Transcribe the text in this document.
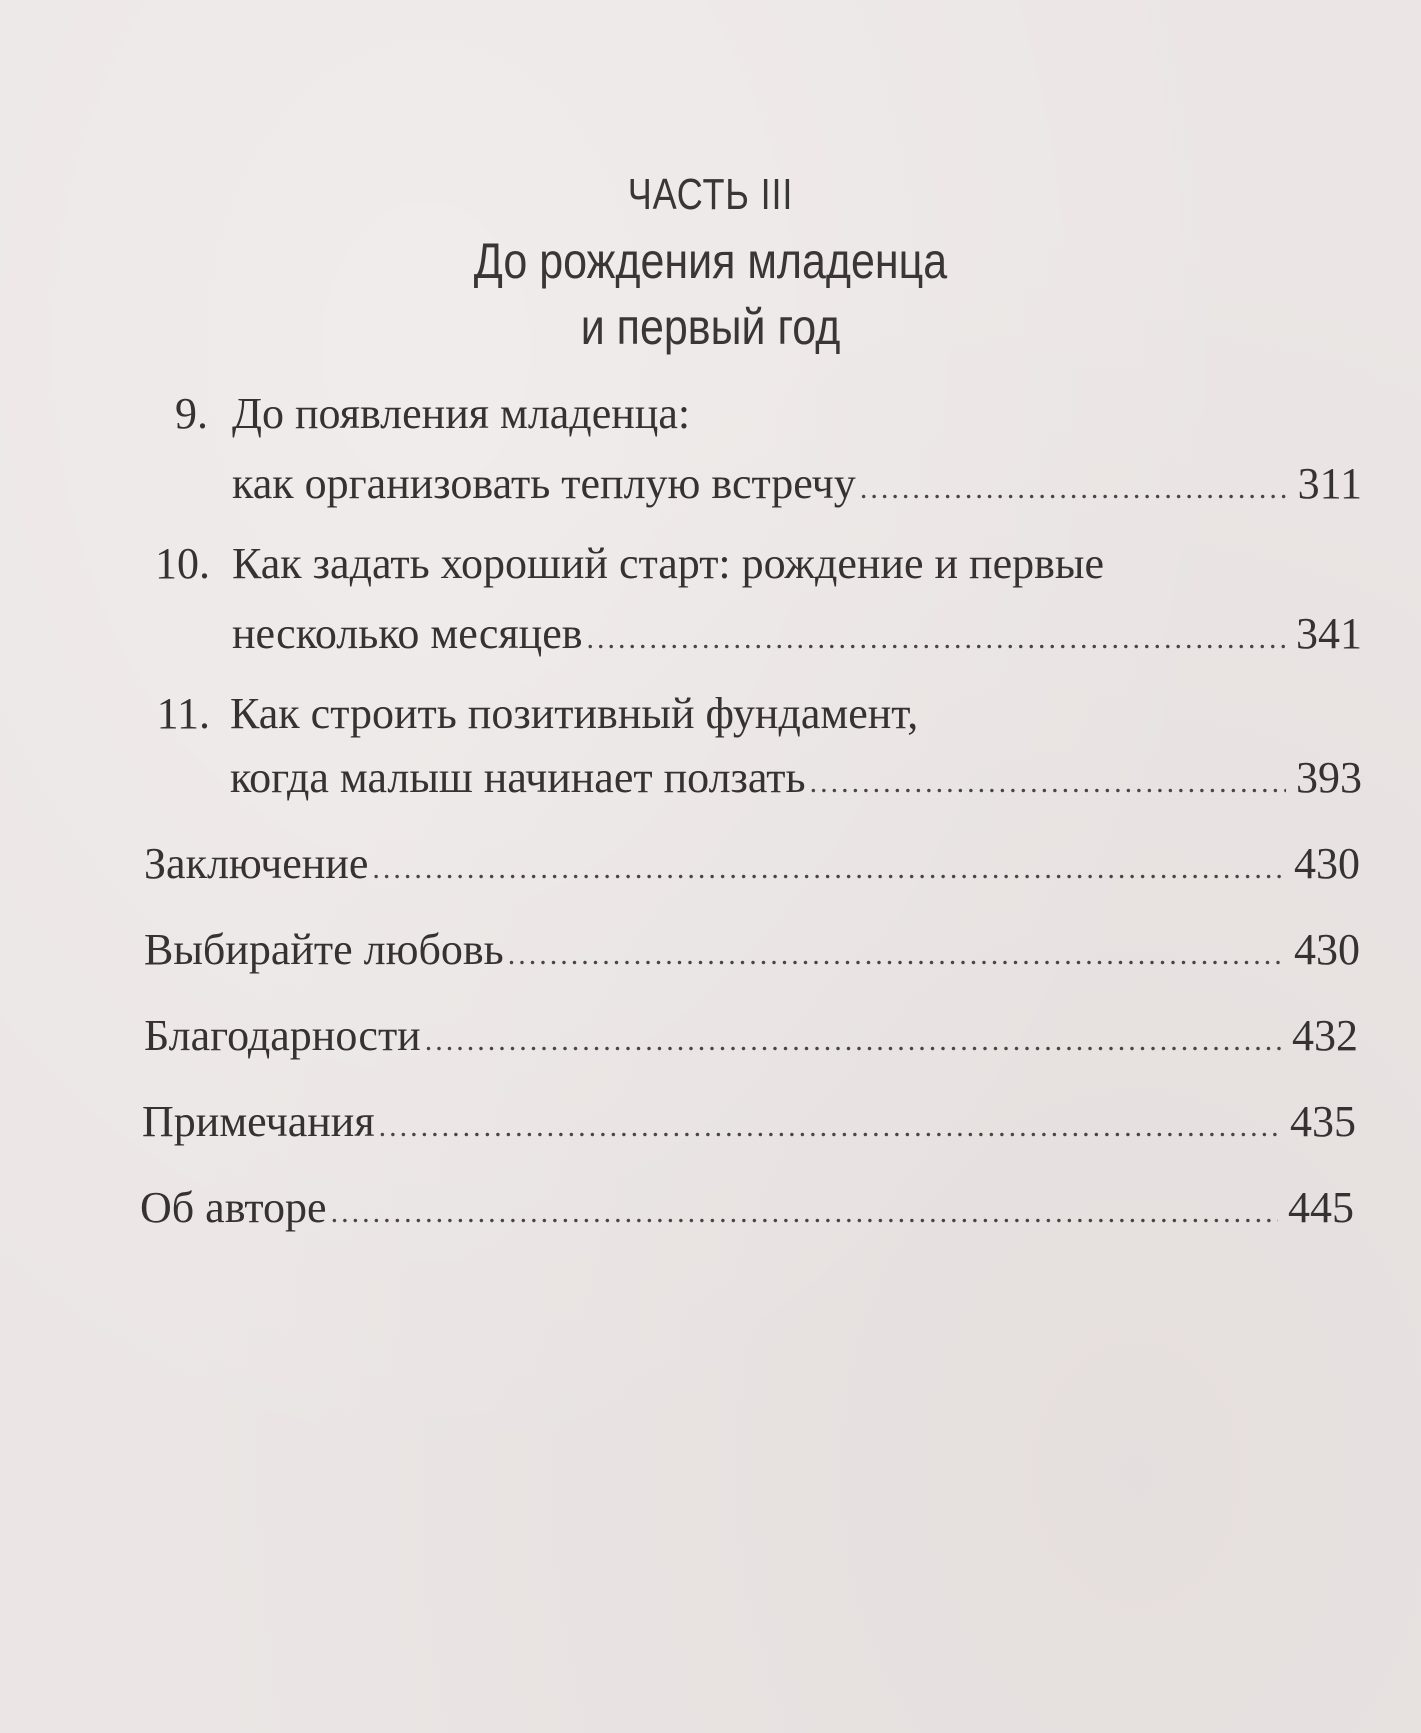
ЧАСТЬ III
До рождения младенца
и первый год
9. До появления младенца:
как организовать теплую встречу .....	311
10. Как задать хороший старт: рождение и первые
несколько месяцев .....	341
11. Как строить позитивный фундамент,
когда малыш начинает ползать .....	393
Заключение .....	430
Выбирайте любовь .....	430
Благодарности .....	432
Примечания .....	435
Об авторе .....	445
